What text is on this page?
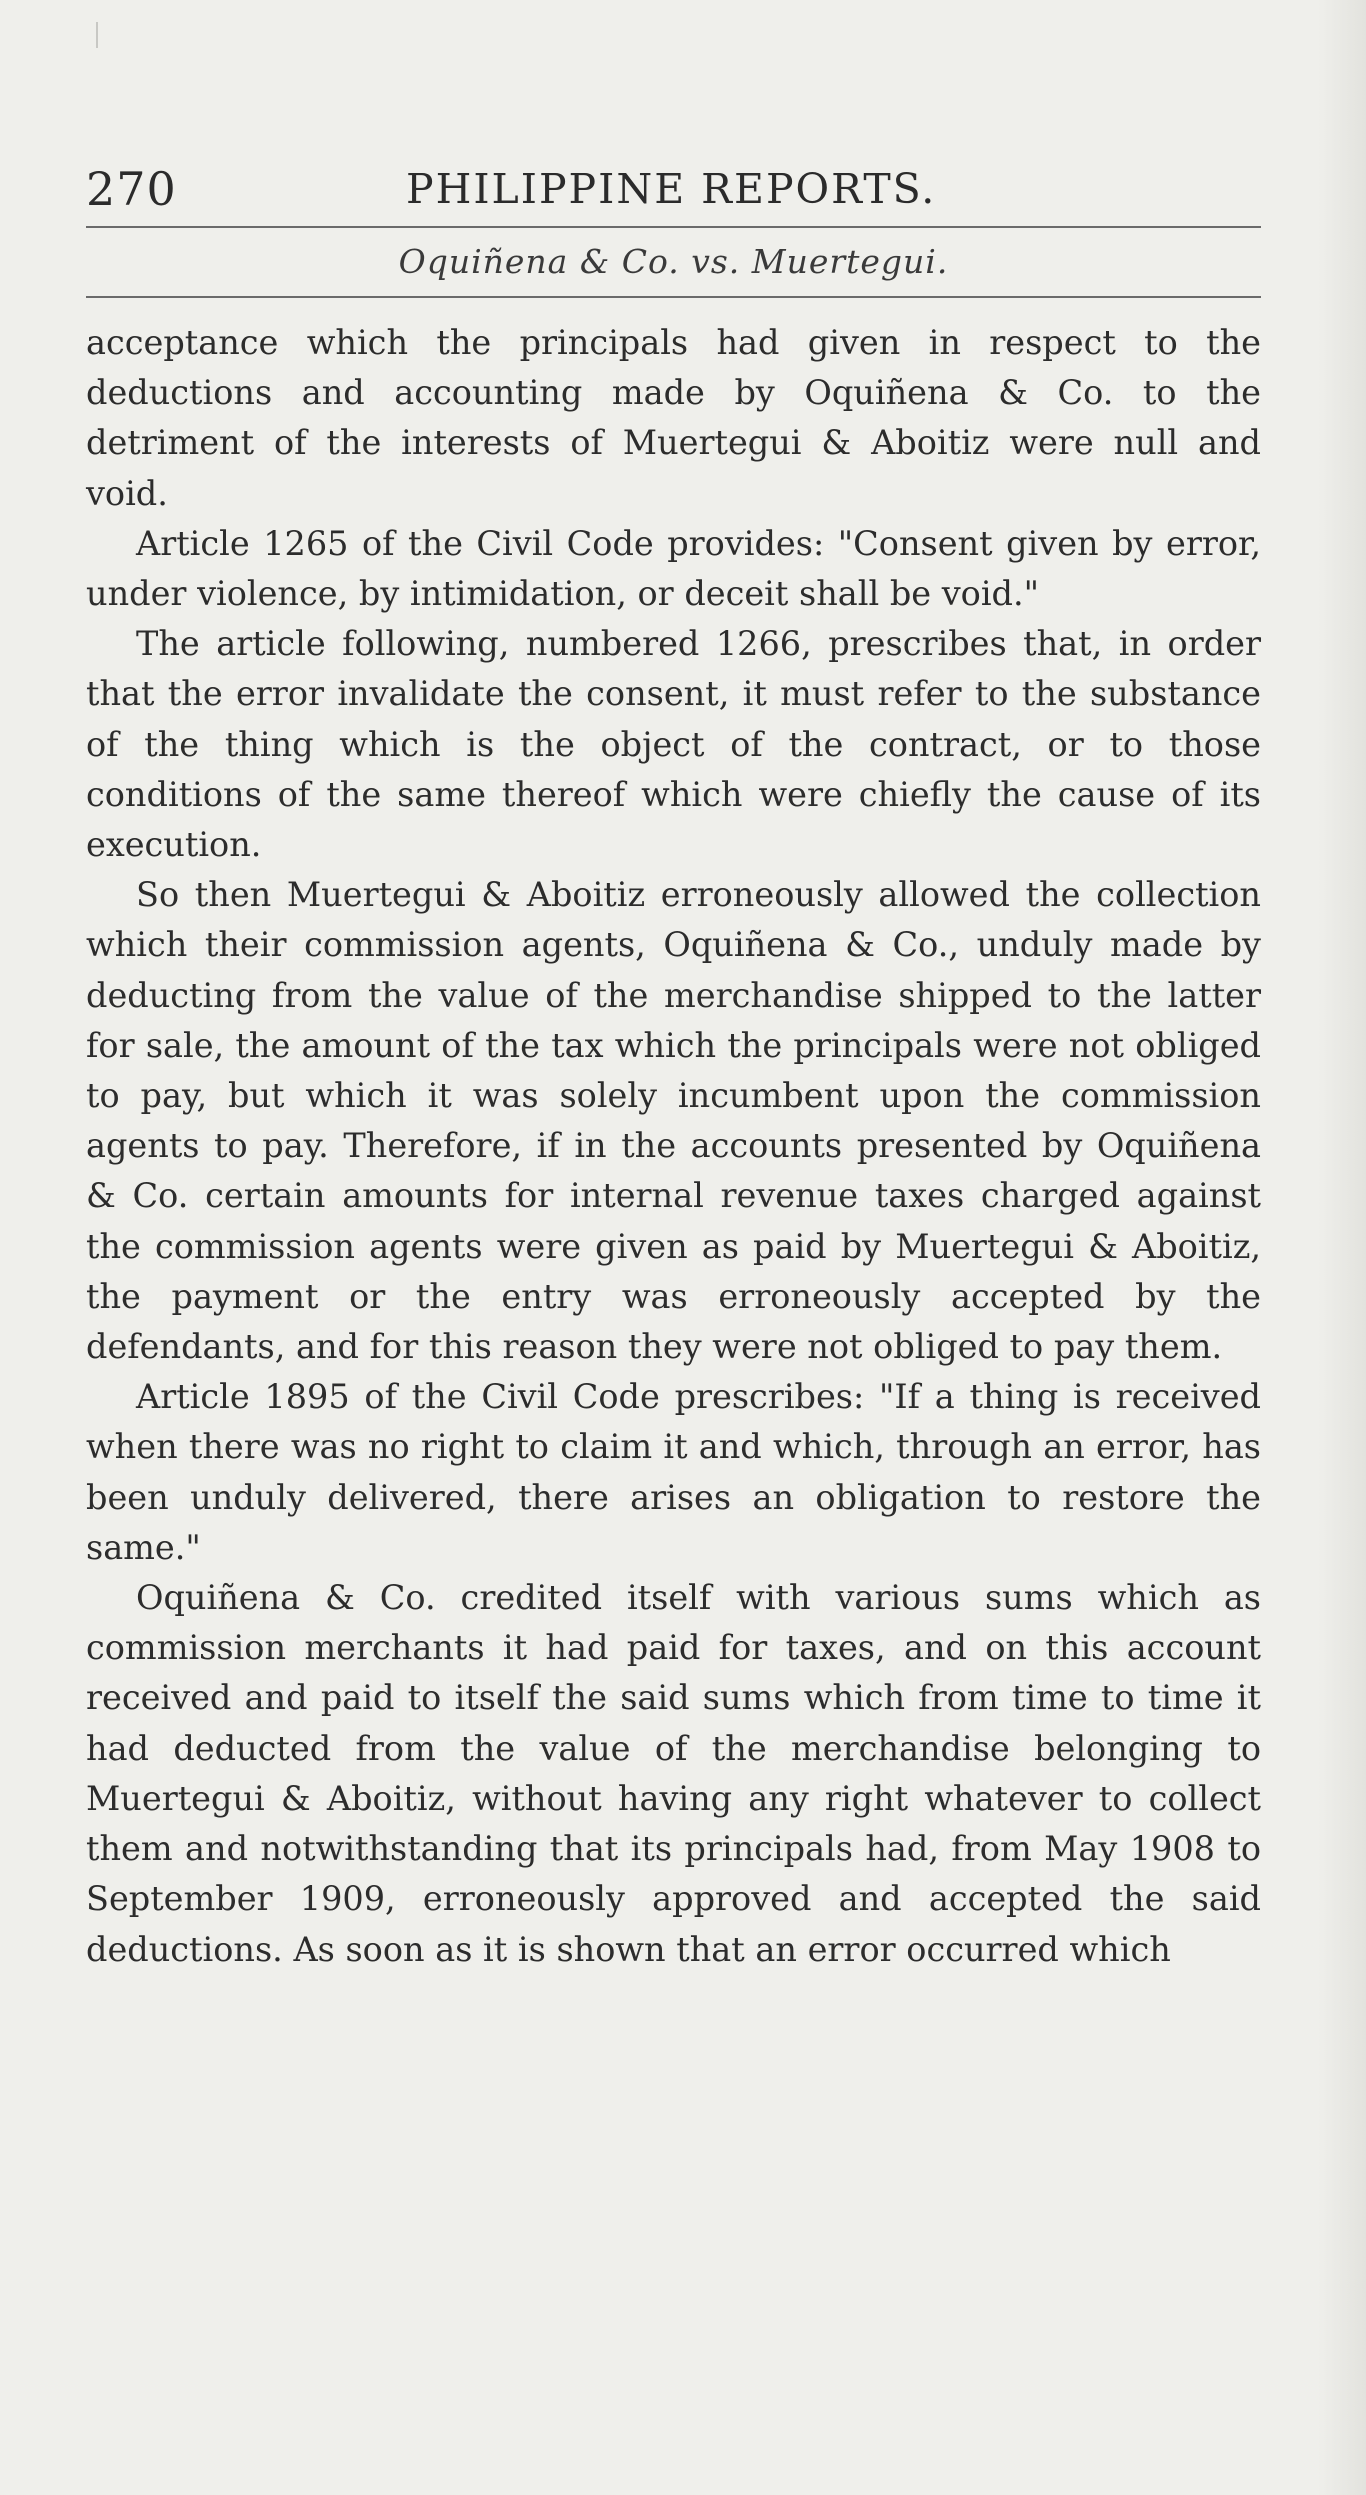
270	PHILIPPINE REPORTS.
Oquiñena & Co. vs. Muertegui.

acceptance which the principals had given in respect to the deductions and accounting made by Oquiñena & Co. to the detriment of the interests of Muertegui & Aboitiz were null and void.

Article 1265 of the Civil Code provides: "Consent given by error, under violence, by intimidation, or deceit shall be void."

The article following, numbered 1266, prescribes that, in order that the error invalidate the consent, it must refer to the substance of the thing which is the object of the contract, or to those conditions of the same thereof which were chiefly the cause of its execution.

So then Muertegui & Aboitiz erroneously allowed the collection which their commission agents, Oquiñena & Co., unduly made by deducting from the value of the merchandise shipped to the latter for sale, the amount of the tax which the principals were not obliged to pay, but which it was solely incumbent upon the commission agents to pay. Therefore, if in the accounts presented by Oquiñena & Co. certain amounts for internal revenue taxes charged against the commission agents were given as paid by Muertegui & Aboitiz, the payment or the entry was erroneously accepted by the defendants, and for this reason they were not obliged to pay them.

Article 1895 of the Civil Code prescribes: "If a thing is received when there was no right to claim it and which, through an error, has been unduly delivered, there arises an obligation to restore the same."

Oquiñena & Co. credited itself with various sums which as commission merchants it had paid for taxes, and on this account received and paid to itself the said sums which from time to time it had deducted from the value of the merchandise belonging to Muertegui & Aboitiz, without having any right whatever to collect them and notwithstanding that its principals had, from May 1908 to September 1909, erroneously approved and accepted the said deductions. As soon as it is shown that an error occurred which
